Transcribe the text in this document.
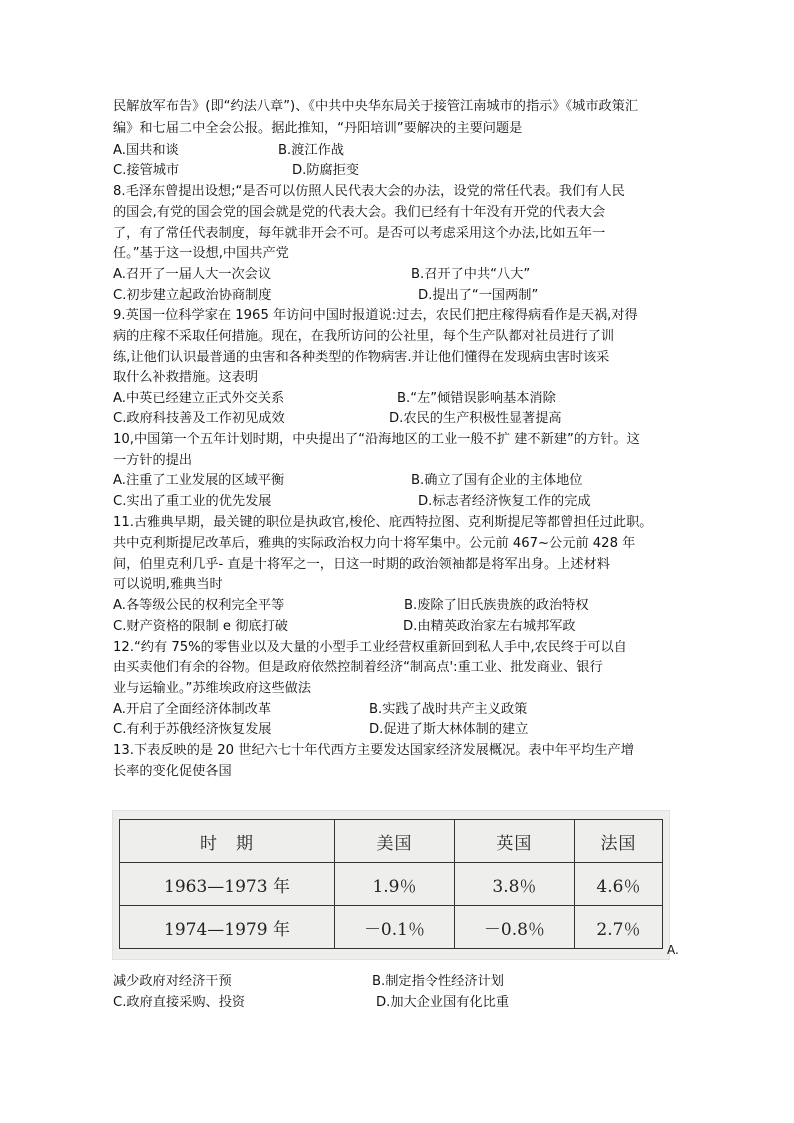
民解放军布告》(即“约法八章”)、《中共中央华东局关于接管江南城市的指示》《城市政策汇
编》和七届二中全会公报。据此推知，“丹阳培训”要解决的主要问题是
A.国共和谈	B.渡江作战
C.接管城市	D.防腐拒变
8.毛泽东曾提出设想;“是否可以仿照人民代表大会的办法，设党的常任代表。我们有人民
的国会,有党的国会党的国会就是党的代表大会。我们已经有十年没有开党的代表大会
了，有了常任代表制度，每年就非开会不可。是否可以考虑采用这个办法,比如五年一
任。”基于这一设想,中国共产党
A.召开了一届人大一次会议	B.召开了中共“八大”
C.初步建立起政治协商制度	D.提出了“一国两制”
9.英国一位科学家在 1965 年访问中国时报道说:过去，农民们把庄稼得病看作是天祸,对得
病的庄稼不采取任何措施。现在，在我所访问的公社里，每个生产队都对社员进行了训
练,让他们认识最普通的虫害和各种类型的作物病害.并让他们懂得在发现病虫害时该采
取什么补救措施。这表明
A.中英已经建立正式外交关系	B.“左”倾错误影响基本消除
C.政府科技善及工作初见成效	D.农民的生产积极性显著提高
10,中国第一个五年计划时期，中央提出了“沿海地区的工业一般不扩 建不新建”的方针。这
一方针的提出
A.注重了工业发展的区域平衡	B.确立了国有企业的主体地位
C.实出了重工业的优先发展	D.标志者经济恢复工作的完成
11.古雅典早期，最关键的职位是执政官,梭伦、庇西特拉图、克利斯提尼等都曾担任过此职。
共中克利斯提尼改革后，雅典的实际政治权力向十将军集中。公元前 467~公元前 428 年
间，伯里克利几乎- 直是十将军之一，日这一时期的政治领袖都是将军出身。上述材料
可以说明,雅典当时
A.各等级公民的权利完全平等	B.废除了旧氏族贵族的政治特权
C.财产资格的限制 e 彻底打破	D.由精英政治家左右城邦军政
12.“约有 75%的零售业以及大量的小型手工业经营权重新回到私人手中,农民终于可以自
由买卖他们有余的谷物。但是政府依然控制着经济“制高点':重工业、批发商业、银行
业与运输业。”苏维埃政府这些做法
A.开启了全面经济体制改革	B.实践了战时共产主义政策
C.有利于苏俄经济恢复发展	D.促进了斯大林体制的建立
13.下表反映的是 20 世纪六七十年代西方主要发达国家经济发展概况。表中年平均生产增
长率的变化促使各国
时　期	美国	英国	法国
1963—1973 年	1.9％	3.8％	4.6％
1974—1979 年	－0.1％	－0.8％	2.7％
A.
减少政府对经济干预	B.制定指令性经济计划
C.政府直接采购、投资	D.加大企业国有化比重
